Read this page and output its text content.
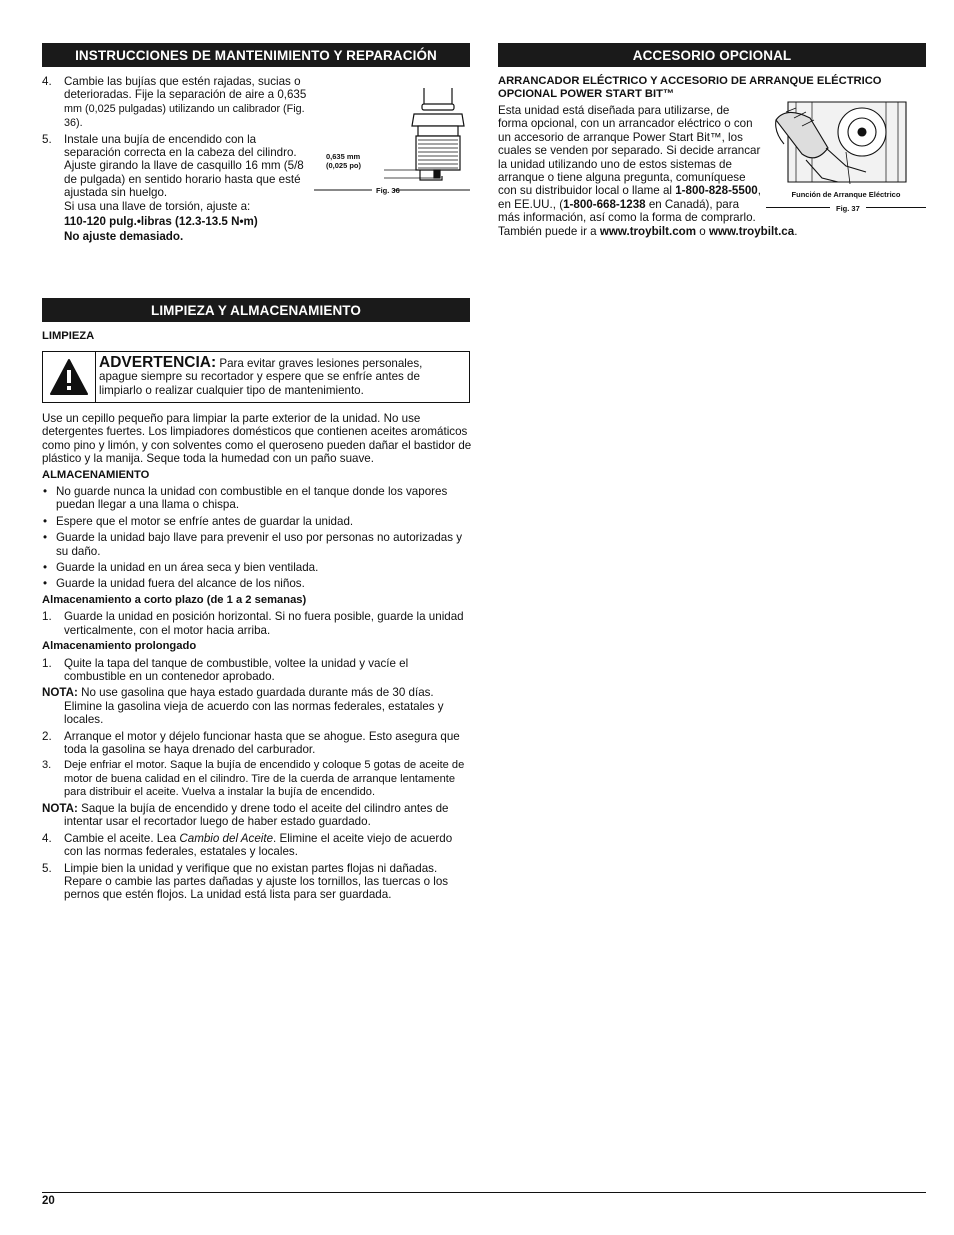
INSTRUCCIONES DE MANTENIMIENTO Y REPARACIÓN
4. Cambie las bujías que estén rajadas, sucias o deterioradas. Fije la separación de aire a 0,635 mm (0,025 pulgadas) utilizando un calibrador (Fig. 36).
5. Instale una bujía de encendido con la separación correcta en la cabeza del cilindro. Ajuste girando la llave de casquillo 16 mm (5/8 de pulgada) en sentido horario hasta que esté ajustada sin huelgo.

Si usa una llave de torsión, ajuste a:

110-120 pulg.•libras (12.3-13.5 N•m)

No ajuste demasiado.

0,635 mm
(0,025 po)
Fig. 36
ACCESORIO OPCIONAL
ARRANCADOR ELÉCTRICO Y ACCESORIO DE ARRANQUE ELÉCTRICO OPCIONAL POWER START BIT™
Función de Arranque Eléctrico
Fig. 37
Esta unidad está diseñada para utilizarse, de forma opcional, con un arrancador eléctrico o con un accesorio de arranque Power Start Bit™, los cuales se venden por separado. Si decide arrancar la unidad utilizando uno de estos sistemas de arranque o tiene alguna pregunta, comuníquese con su distribuidor local o llame al 1-800-828-5500, en EE.UU., (1-800-668-1238 en Canadá), para más información, así como la forma de comprarlo. También puede ir a www.troybilt.com o www.troybilt.ca.
LIMPIEZA Y ALMACENAMIENTO
LIMPIEZA
ADVERTENCIA: Para evitar graves lesiones personales, apague siempre su recortador y espere que se enfríe antes de limpiarlo o realizar cualquier tipo de mantenimiento.

Use un cepillo pequeño para limpiar la parte exterior de la unidad. No use detergentes fuertes. Los limpiadores domésticos que contienen aceites aromáticos como pino y limón, y con solventes como el queroseno pueden dañar el bastidor de plástico y la manija. Seque toda la humedad con un paño suave.

ALMACENAMIENTO

• No guarde nunca la unidad con combustible en el tanque donde los vapores puedan llegar a una llama o chispa.
• Espere que el motor se enfríe antes de guardar la unidad.
• Guarde la unidad bajo llave para prevenir el uso por personas no autorizadas y su daño.
• Guarde la unidad en un área seca y bien ventilada.
• Guarde la unidad fuera del alcance de los niños.

Almacenamiento a corto plazo (de 1 a 2 semanas)

1. Guarde la unidad en posición horizontal. Si no fuera posible, guarde la unidad verticalmente, con el motor hacia arriba.

Almacenamiento prolongado

1. Quite la tapa del tanque de combustible, voltee la unidad y vacíe el combustible en un contenedor aprobado.
NOTA: No use gasolina que haya estado guardada durante más de 30 días. Elimine la gasolina vieja de acuerdo con las normas federales, estatales y locales.
2. Arranque el motor y déjelo funcionar hasta que se ahogue. Esto asegura que toda la gasolina se haya drenado del carburador.
3. Deje enfriar el motor. Saque la bujía de encendido y coloque 5 gotas de aceite de motor de buena calidad en el cilindro. Tire de la cuerda de arranque lentamente para distribuir el aceite. Vuelva a instalar la bujía de encendido.
NOTA: Saque la bujía de encendido y drene todo el aceite del cilindro antes de intentar usar el recortador luego de haber estado guardado.
4. Cambie el aceite. Lea Cambio del Aceite. Elimine el aceite viejo de acuerdo con las normas federales, estatales y locales.
5. Limpie bien la unidad y verifique que no existan partes flojas ni dañadas. Repare o cambie las partes dañadas y ajuste los tornillos, las tuercas o los pernos que estén flojos. La unidad está lista para ser guardada.
20
